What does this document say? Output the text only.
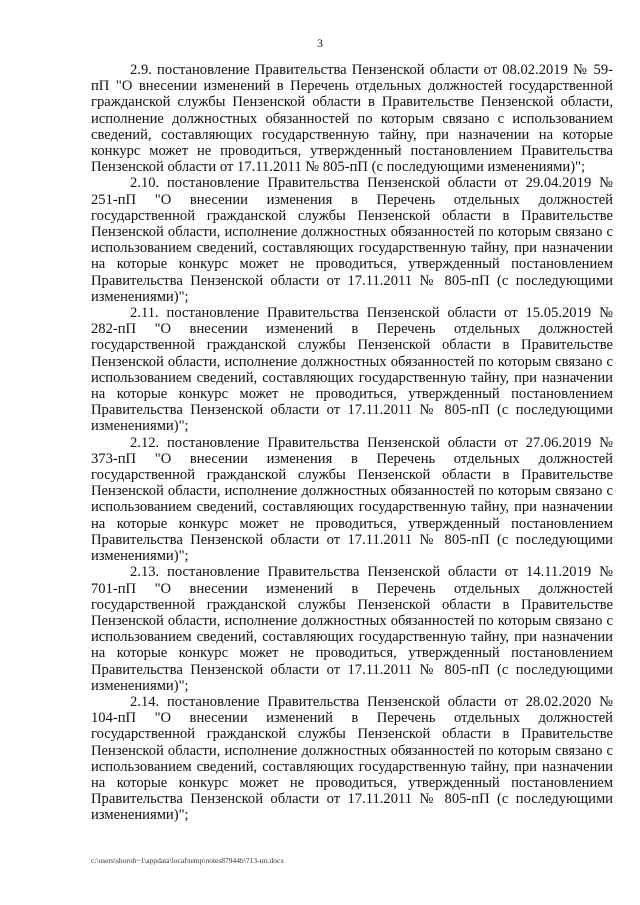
3

2.9. постановление Правительства Пензенской области от 08.02.2019 № 59-пП "О внесении изменений в Перечень отдельных должностей государственной гражданской службы Пензенской области в Правительстве Пензенской области, исполнение должностных обязанностей по которым связано с использованием сведений, составляющих государственную тайну, при назначении на которые конкурс может не проводиться, утвержденный постановлением Правительства Пензенской области от 17.11.2011 № 805-пП (с последующими изменениями)";

2.10. постановление Правительства Пензенской области от 29.04.2019 № 251-пП "О внесении изменения в Перечень отдельных должностей государственной гражданской службы Пензенской области в Правительстве Пензенской области, исполнение должностных обязанностей по которым связано с использованием сведений, составляющих государственную тайну, при назначении на которые конкурс может не проводиться, утвержденный постановлением Правительства Пензенской области от 17.11.2011 № 805-пП (с последующими изменениями)";

2.11. постановление Правительства Пензенской области от 15.05.2019 № 282-пП "О внесении изменений в Перечень отдельных должностей государственной гражданской службы Пензенской области в Правительстве Пензенской области, исполнение должностных обязанностей по которым связано с использованием сведений, составляющих государственную тайну, при назначении на которые конкурс может не проводиться, утвержденный постановлением Правительства Пензенской области от 17.11.2011 № 805-пП (с последующими изменениями)";

2.12. постановление Правительства Пензенской области от 27.06.2019 № 373-пП "О внесении изменения в Перечень отдельных должностей государственной гражданской службы Пензенской области в Правительстве Пензенской области, исполнение должностных обязанностей по которым связано с использованием сведений, составляющих государственную тайну, при назначении на которые конкурс может не проводиться, утвержденный постановлением Правительства Пензенской области от 17.11.2011 № 805-пП (с последующими изменениями)";

2.13. постановление Правительства Пензенской области от 14.11.2019 № 701-пП "О внесении изменений в Перечень отдельных должностей государственной гражданской службы Пензенской области в Правительстве Пензенской области, исполнение должностных обязанностей по которым связано с использованием сведений, составляющих государственную тайну, при назначении на которые конкурс может не проводиться, утвержденный постановлением Правительства Пензенской области от 17.11.2011 № 805-пП (с последующими изменениями)";

2.14. постановление Правительства Пензенской области от 28.02.2020 № 104-пП "О внесении изменений в Перечень отдельных должностей государственной гражданской службы Пензенской области в Правительстве Пензенской области, исполнение должностных обязанностей по которым связано с использованием сведений, составляющих государственную тайну, при назначении на которые конкурс может не проводиться, утвержденный постановлением Правительства Пензенской области от 17.11.2011 № 805-пП (с последующими изменениями)";

c:\users\shoroh~1\appdata\local\temp\notes87944b\713-нп.docx
